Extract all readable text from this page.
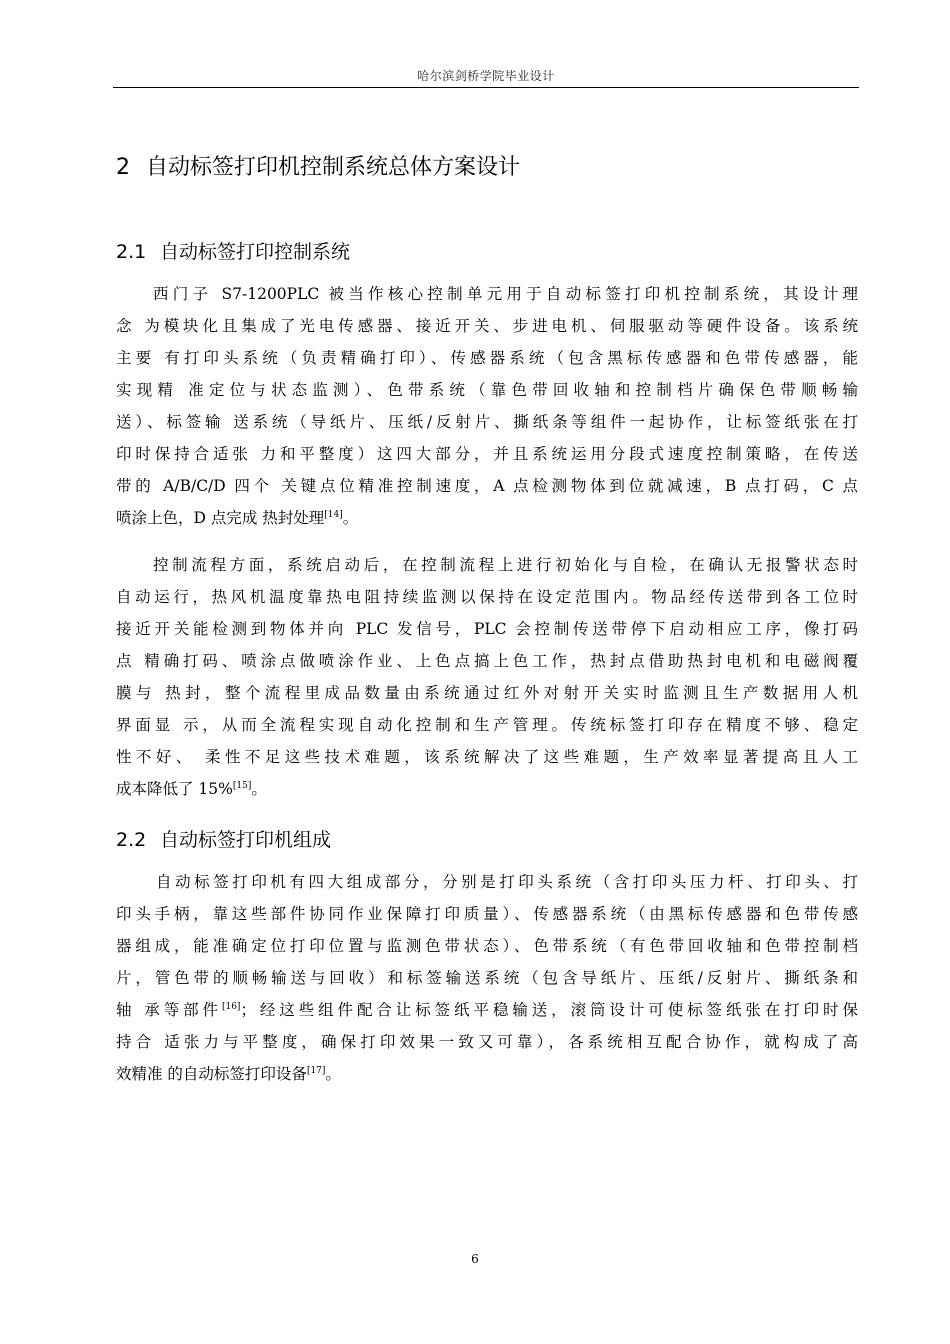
哈尔滨剑桥学院毕业设计
2 自动标签打印机控制系统总体方案设计
2.1 自动标签打印控制系统
西门子 S7-1200PLC 被当作核心控制单元用于自动标签打印机控制系统，其设计理
念 为模块化且集成了光电传感器、接近开关、步进电机、伺服驱动等硬件设备。该系统
主要 有打印头系统（负责精确打印）、传感器系统（包含黑标传感器和色带传感器，能
实现精 准定位与状态监测）、色带系统（靠色带回收轴和控制档片确保色带顺畅输
送）、标签输 送系统（导纸片、压纸/反射片、撕纸条等组件一起协作，让标签纸张在打
印时保持合适张 力和平整度）这四大部分，并且系统运用分段式速度控制策略，在传送
带的 A/B/C/D 四个 关键点位精准控制速度，A 点检测物体到位就减速，B 点打码，C 点
喷涂上色，D 点完成 热封处理[14]。
控制流程方面，系统启动后，在控制流程上进行初始化与自检，在确认无报警状态时
自动运行，热风机温度靠热电阻持续监测以保持在设定范围内。物品经传送带到各工位时
接近开关能检测到物体并向 PLC 发信号，PLC 会控制传送带停下启动相应工序，像打码
点 精确打码、喷涂点做喷涂作业、上色点搞上色工作，热封点借助热封电机和电磁阀覆
膜与 热封，整个流程里成品数量由系统通过红外对射开关实时监测且生产数据用人机
界面显 示，从而全流程实现自动化控制和生产管理。传统标签打印存在精度不够、稳定
性不好、 柔性不足这些技术难题，该系统解决了这些难题，生产效率显著提高且人工
成本降低了 15%[15]。
2.2 自动标签打印机组成
自动标签打印机有四大组成部分，分别是打印头系统（含打印头压力杆、打印头、打
印头手柄，靠这些部件协同作业保障打印质量）、传感器系统（由黑标传感器和色带传感
器组成，能准确定位打印位置与监测色带状态）、色带系统（有色带回收轴和色带控制档
片，管色带的顺畅输送与回收）和标签输送系统（包含导纸片、压纸/反射片、撕纸条和
轴 承等部件[16]；经这些组件配合让标签纸平稳输送，滚筒设计可使标签纸张在打印时保
持合 适张力与平整度，确保打印效果一致又可靠），各系统相互配合协作，就构成了高
效精准 的自动标签打印设备[17]。
6
